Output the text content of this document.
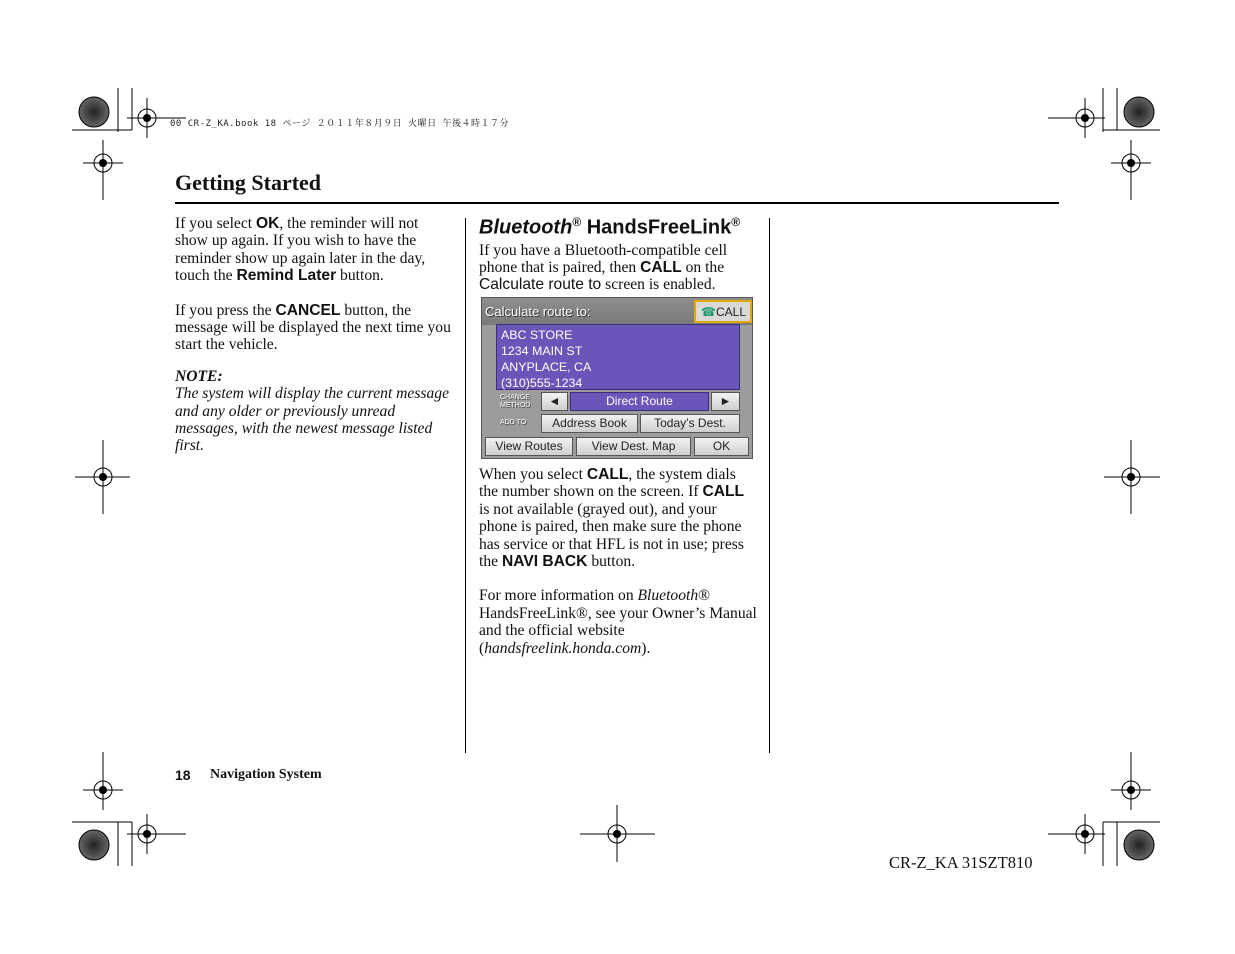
00 CR-Z_KA.book 18 ページ ２０１１年８月９日 火曜日 午後４時１７分
Getting Started

If you select OK, the reminder will not show up again. If you wish to have the reminder show up again later in the day, touch the Remind Later button.

If you press the CANCEL button, the message will be displayed the next time you start the vehicle.

NOTE:

The system will display the current message and any older or previously unread messages, with the newest message listed first.

Bluetooth® HandsFreeLink®

If you have a Bluetooth-compatible cell phone that is paired, then CALL on the Calculate route to screen is enabled.

When you select CALL, the system dials the number shown on the screen. If CALL is not available (grayed out), and your phone is paired, then make sure the phone has service or that HFL is not in use; press the NAVI BACK button.

For more information on Bluetooth® HandsFreeLink®, see your Owner’s Manual and the official website (handsfreelink.honda.com).

Calculate route to:	☎ CALL
ABC STORE
1234 MAIN ST
ANYPLACE, CA
(310)555-1234
CHANGE
METHOD	◄	Direct Route	►
ADD TO	Address Book	Today’s Dest.
View Routes	View Dest. Map	OK
18 Navigation System
CR-Z_KA 31SZT810
